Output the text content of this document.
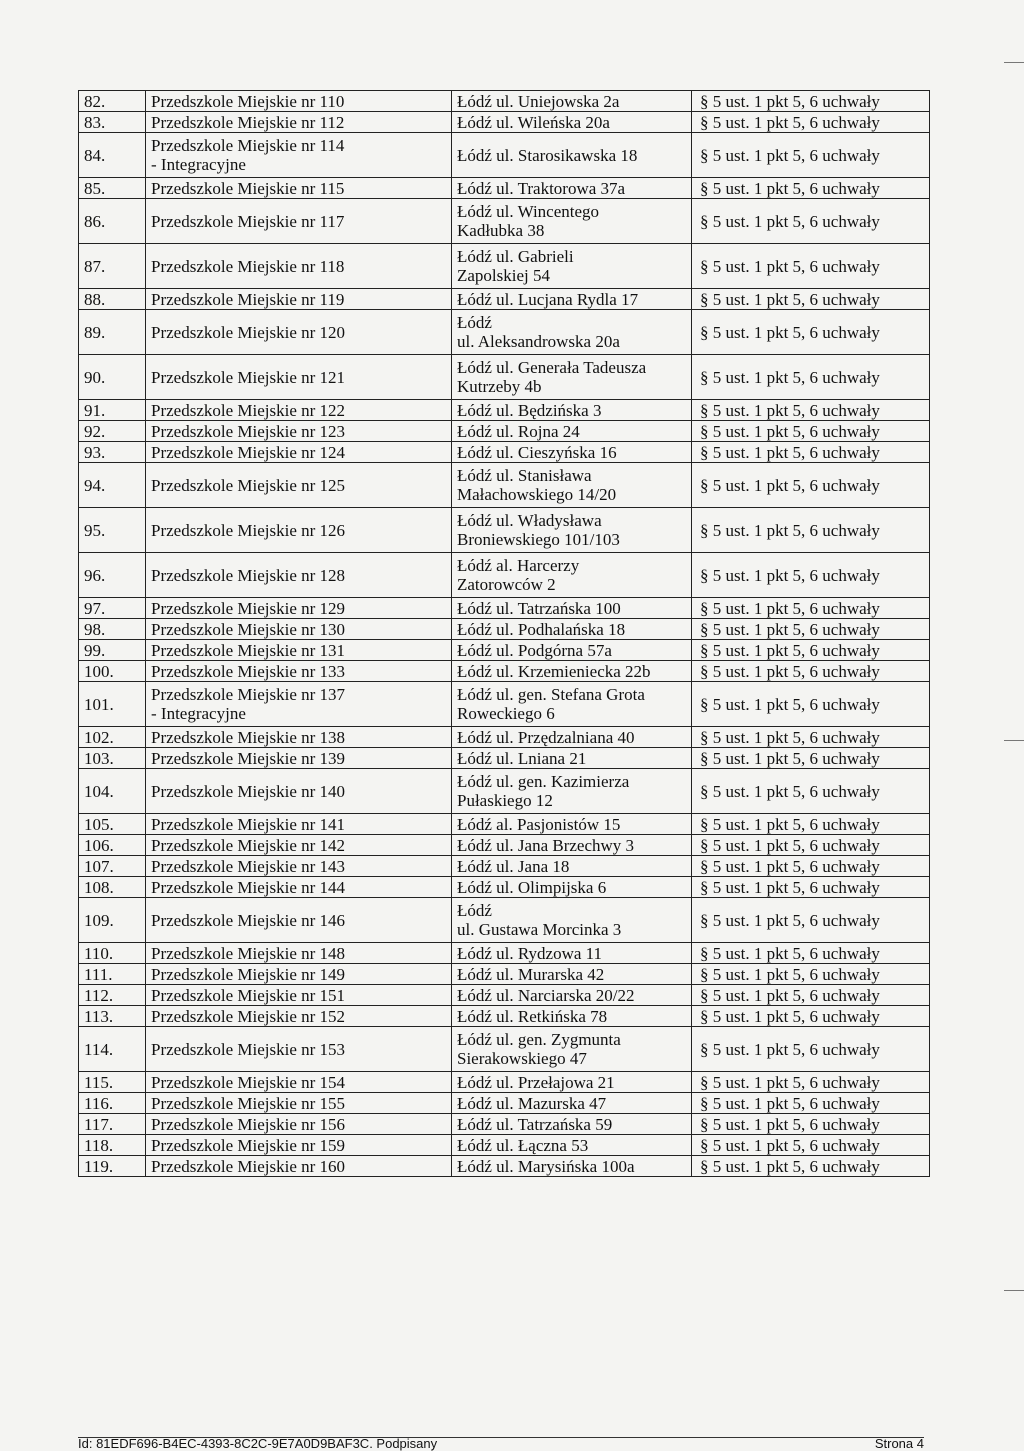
82.	Przedszkole Miejskie nr 110	Łódź ul. Uniejowska 2a	§ 5 ust. 1 pkt 5, 6 uchwały
83.	Przedszkole Miejskie nr 112	Łódź ul. Wileńska 20a	§ 5 ust. 1 pkt 5, 6 uchwały
84.	Przedszkole Miejskie nr 114
- Integracyjne	Łódź ul. Starosikawska 18	§ 5 ust. 1 pkt 5, 6 uchwały
85.	Przedszkole Miejskie nr 115	Łódź ul. Traktorowa 37a	§ 5 ust. 1 pkt 5, 6 uchwały
86.	Przedszkole Miejskie nr 117	Łódź ul. Wincentego
Kadłubka 38	§ 5 ust. 1 pkt 5, 6 uchwały
87.	Przedszkole Miejskie nr 118	Łódź ul. Gabrieli
Zapolskiej 54	§ 5 ust. 1 pkt 5, 6 uchwały
88.	Przedszkole Miejskie nr 119	Łódź ul. Lucjana Rydla 17	§ 5 ust. 1 pkt 5, 6 uchwały
89.	Przedszkole Miejskie nr 120	Łódź
ul. Aleksandrowska 20a	§ 5 ust. 1 pkt 5, 6 uchwały
90.	Przedszkole Miejskie nr 121	Łódź ul. Generała Tadeusza
Kutrzeby 4b	§ 5 ust. 1 pkt 5, 6 uchwały
91.	Przedszkole Miejskie nr 122	Łódź ul. Będzińska 3	§ 5 ust. 1 pkt 5, 6 uchwały
92.	Przedszkole Miejskie nr 123	Łódź ul. Rojna 24	§ 5 ust. 1 pkt 5, 6 uchwały
93.	Przedszkole Miejskie nr 124	Łódź ul. Cieszyńska 16	§ 5 ust. 1 pkt 5, 6 uchwały
94.	Przedszkole Miejskie nr 125	Łódź ul. Stanisława
Małachowskiego 14/20	§ 5 ust. 1 pkt 5, 6 uchwały
95.	Przedszkole Miejskie nr 126	Łódź ul. Władysława
Broniewskiego 101/103	§ 5 ust. 1 pkt 5, 6 uchwały
96.	Przedszkole Miejskie nr 128	Łódź al. Harcerzy
Zatorowców 2	§ 5 ust. 1 pkt 5, 6 uchwały
97.	Przedszkole Miejskie nr 129	Łódź ul. Tatrzańska 100	§ 5 ust. 1 pkt 5, 6 uchwały
98.	Przedszkole Miejskie nr 130	Łódź ul. Podhalańska 18	§ 5 ust. 1 pkt 5, 6 uchwały
99.	Przedszkole Miejskie nr 131	Łódź ul. Podgórna 57a	§ 5 ust. 1 pkt 5, 6 uchwały
100.	Przedszkole Miejskie nr 133	Łódź ul. Krzemieniecka 22b	§ 5 ust. 1 pkt 5, 6 uchwały
101.	Przedszkole Miejskie nr 137
- Integracyjne	Łódź ul. gen. Stefana Grota
Roweckiego 6	§ 5 ust. 1 pkt 5, 6 uchwały
102.	Przedszkole Miejskie nr 138	Łódź ul. Przędzalniana 40	§ 5 ust. 1 pkt 5, 6 uchwały
103.	Przedszkole Miejskie nr 139	Łódź ul. Lniana 21	§ 5 ust. 1 pkt 5, 6 uchwały
104.	Przedszkole Miejskie nr 140	Łódź ul. gen. Kazimierza
Pułaskiego 12	§ 5 ust. 1 pkt 5, 6 uchwały
105.	Przedszkole Miejskie nr 141	Łódź al. Pasjonistów 15	§ 5 ust. 1 pkt 5, 6 uchwały
106.	Przedszkole Miejskie nr 142	Łódź ul. Jana Brzechwy 3	§ 5 ust. 1 pkt 5, 6 uchwały
107.	Przedszkole Miejskie nr 143	Łódź ul. Jana 18	§ 5 ust. 1 pkt 5, 6 uchwały
108.	Przedszkole Miejskie nr 144	Łódź ul. Olimpijska 6	§ 5 ust. 1 pkt 5, 6 uchwały
109.	Przedszkole Miejskie nr 146	Łódź
ul. Gustawa Morcinka 3	§ 5 ust. 1 pkt 5, 6 uchwały
110.	Przedszkole Miejskie nr 148	Łódź ul. Rydzowa 11	§ 5 ust. 1 pkt 5, 6 uchwały
111.	Przedszkole Miejskie nr 149	Łódź ul. Murarska 42	§ 5 ust. 1 pkt 5, 6 uchwały
112.	Przedszkole Miejskie nr 151	Łódź ul. Narciarska 20/22	§ 5 ust. 1 pkt 5, 6 uchwały
113.	Przedszkole Miejskie nr 152	Łódź ul. Retkińska 78	§ 5 ust. 1 pkt 5, 6 uchwały
114.	Przedszkole Miejskie nr 153	Łódź ul. gen. Zygmunta
Sierakowskiego 47	§ 5 ust. 1 pkt 5, 6 uchwały
115.	Przedszkole Miejskie nr 154	Łódź ul. Przełajowa 21	§ 5 ust. 1 pkt 5, 6 uchwały
116.	Przedszkole Miejskie nr 155	Łódź ul. Mazurska 47	§ 5 ust. 1 pkt 5, 6 uchwały
117.	Przedszkole Miejskie nr 156	Łódź ul. Tatrzańska 59	§ 5 ust. 1 pkt 5, 6 uchwały
118.	Przedszkole Miejskie nr 159	Łódź ul. Łączna 53	§ 5 ust. 1 pkt 5, 6 uchwały
119.	Przedszkole Miejskie nr 160	Łódź ul. Marysińska 100a	§ 5 ust. 1 pkt 5, 6 uchwały
Id: 81EDF696-B4EC-4393-8C2C-9E7A0D9BAF3C. Podpisany	Strona 4
